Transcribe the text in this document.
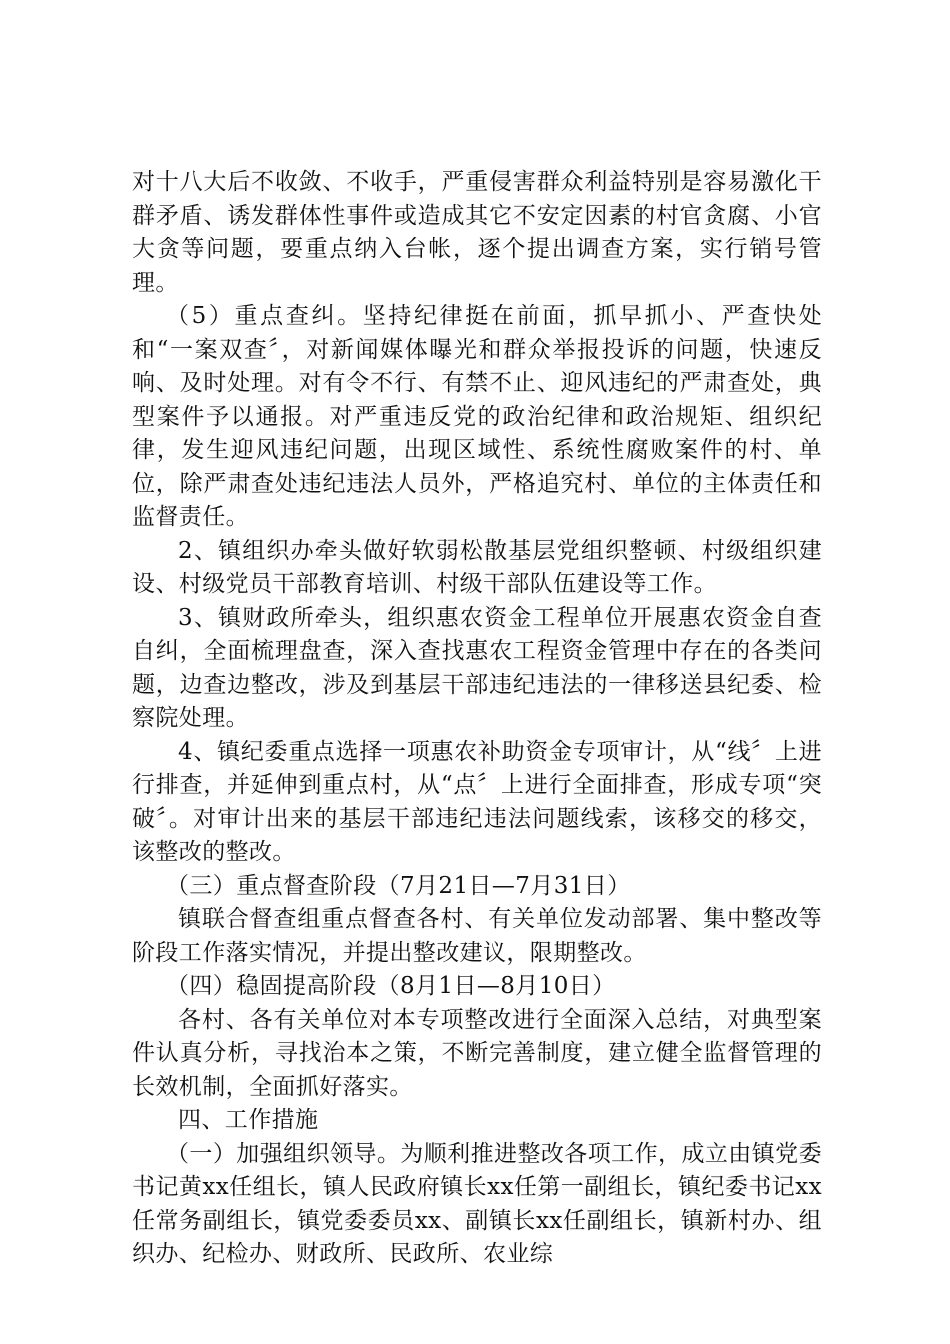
对十八大后不收敛、不收手，严重侵害群众利益特别是容易激化干群矛盾、诱发群体性事件或造成其它不安定因素的村官贪腐、小官大贪等问题，要重点纳入台帐，逐个提出调查方案，实行销号管理。

（5）重点查纠。坚持纪律挺在前面，抓早抓小、严查快处和“一案双查〞，对新闻媒体曝光和群众举报投诉的问题，快速反响、及时处理。对有令不行、有禁不止、迎风违纪的严肃查处，典型案件予以通报。对严重违反党的政治纪律和政治规矩、组织纪律，发生迎风违纪问题，出现区域性、系统性腐败案件的村、单位，除严肃查处违纪违法人员外，严格追究村、单位的主体责任和监督责任。

2、镇组织办牵头做好软弱松散基层党组织整顿、村级组织建设、村级党员干部教育培训、村级干部队伍建设等工作。

3、镇财政所牵头，组织惠农资金工程单位开展惠农资金自查自纠，全面梳理盘查，深入查找惠农工程资金管理中存在的各类问题，边查边整改，涉及到基层干部违纪违法的一律移送县纪委、检察院处理。

4、镇纪委重点选择一项惠农补助资金专项审计，从“线〞上进行排查，并延伸到重点村，从“点〞上进行全面排查，形成专项“突破〞。对审计出来的基层干部违纪违法问题线索，该移交的移交，该整改的整改。

（三）重点督查阶段（7月21日—7月31日）

镇联合督查组重点督查各村、有关单位发动部署、集中整改等阶段工作落实情况，并提出整改建议，限期整改。

（四）稳固提高阶段（8月1日—8月10日）

各村、各有关单位对本专项整改进行全面深入总结，对典型案件认真分析，寻找治本之策，不断完善制度，建立健全监督管理的长效机制，全面抓好落实。

四、工作措施

（一）加强组织领导。为顺利推进整改各项工作，成立由镇党委书记黄xx任组长，镇人民政府镇长xx任第一副组长，镇纪委书记xx任常务副组长，镇党委委员xx、副镇长xx任副组长，镇新村办、组织办、纪检办、财政所、民政所、农业综
